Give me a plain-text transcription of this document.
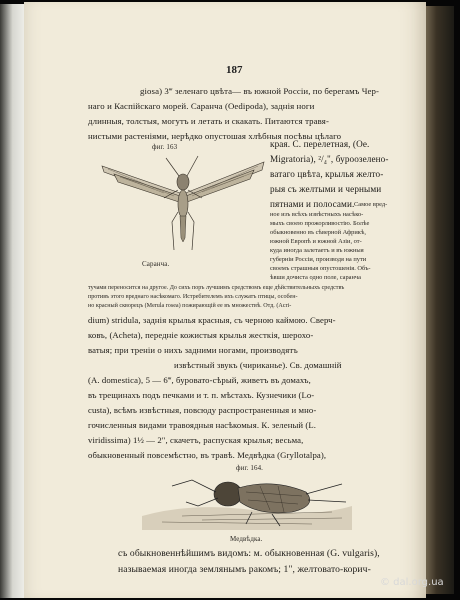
187
giosa) 3‴ зеленаго цвѣта— въ южной Россіи, по берегамъ Чер-
наго и Каспійскаго морей. Саранча (Oedipoda), заднія ноги
длинныя, толстыя, могутъ и летать и скакать. Питаются травя-
нистыми растеніями, нерѣдко опустошая хлѣбныя посѣвы цѣлаго
фиг. 163
Саранча.
края. С. перелетная, (Oe.
Migratoria), ²/₄", буроозелено-
ватаго цвѣта, крылья желто-
рыя съ желтыми и черными
пятнами и полосами. Самое вред-
ное изъ всѣхъ извѣстныхъ насѣко-
мыхъ своею прожорливостію. Болѣе
обыкновенно въ сѣверной Африкѣ,
южной Европѣ и южной Азіи, от-
куда иногда залетаетъ и въ южныя
губерніи Россіи, производя на пути
своемъ страшныя опустошенія. Объ-
ѣвши дочиста одно поле, саранча
тучами переносится на другое. До сихъ поръ лучшимъ средствомъ еще дѣйствительныхъ средствъ
противъ этого вреднаго насѣкомаго. Истребителемъ ихъ служатъ птицы, особен-
но красный скворецъ (Merula rosea) пожирающій ее въ множествѣ. Отд. (Acri-
dium) stridula, заднія крылья красныя, съ черною каймою. Сверч-
ковъ, (Acheta), передніе кожистыя крылья жесткія, шерохо-
ватыя; при треніи о нихъ задними ногами, производятъ
извѣстный звукъ (чириканье). Св. домашній
(A. domestica), 5 — 6‴, буровато-сѣрый, живетъ въ домахъ,
въ трещинахъ подъ печками и т. п. мѣстахъ. Кузнечики (Lo-
custa), всѣмъ извѣстныя, повсюду распространенныя и мно-
гочисленныя видами травоядныя насѣкомыя. К. зеленый (L.
viridissima) 1½ — 2", скачетъ, распуская крылья; весьма,
обыкновенный повсемѣстно, въ травѣ. Медвѣдка (Gryllotalpa),
фиг. 164.
Медвѣдка.
съ обыкновеннѣйшимъ видомъ: м. обыкновенная (G. vulgaris),
называемая иногда землянымъ ракомъ; 1", желтовато-корич-
© dal.org.ua
